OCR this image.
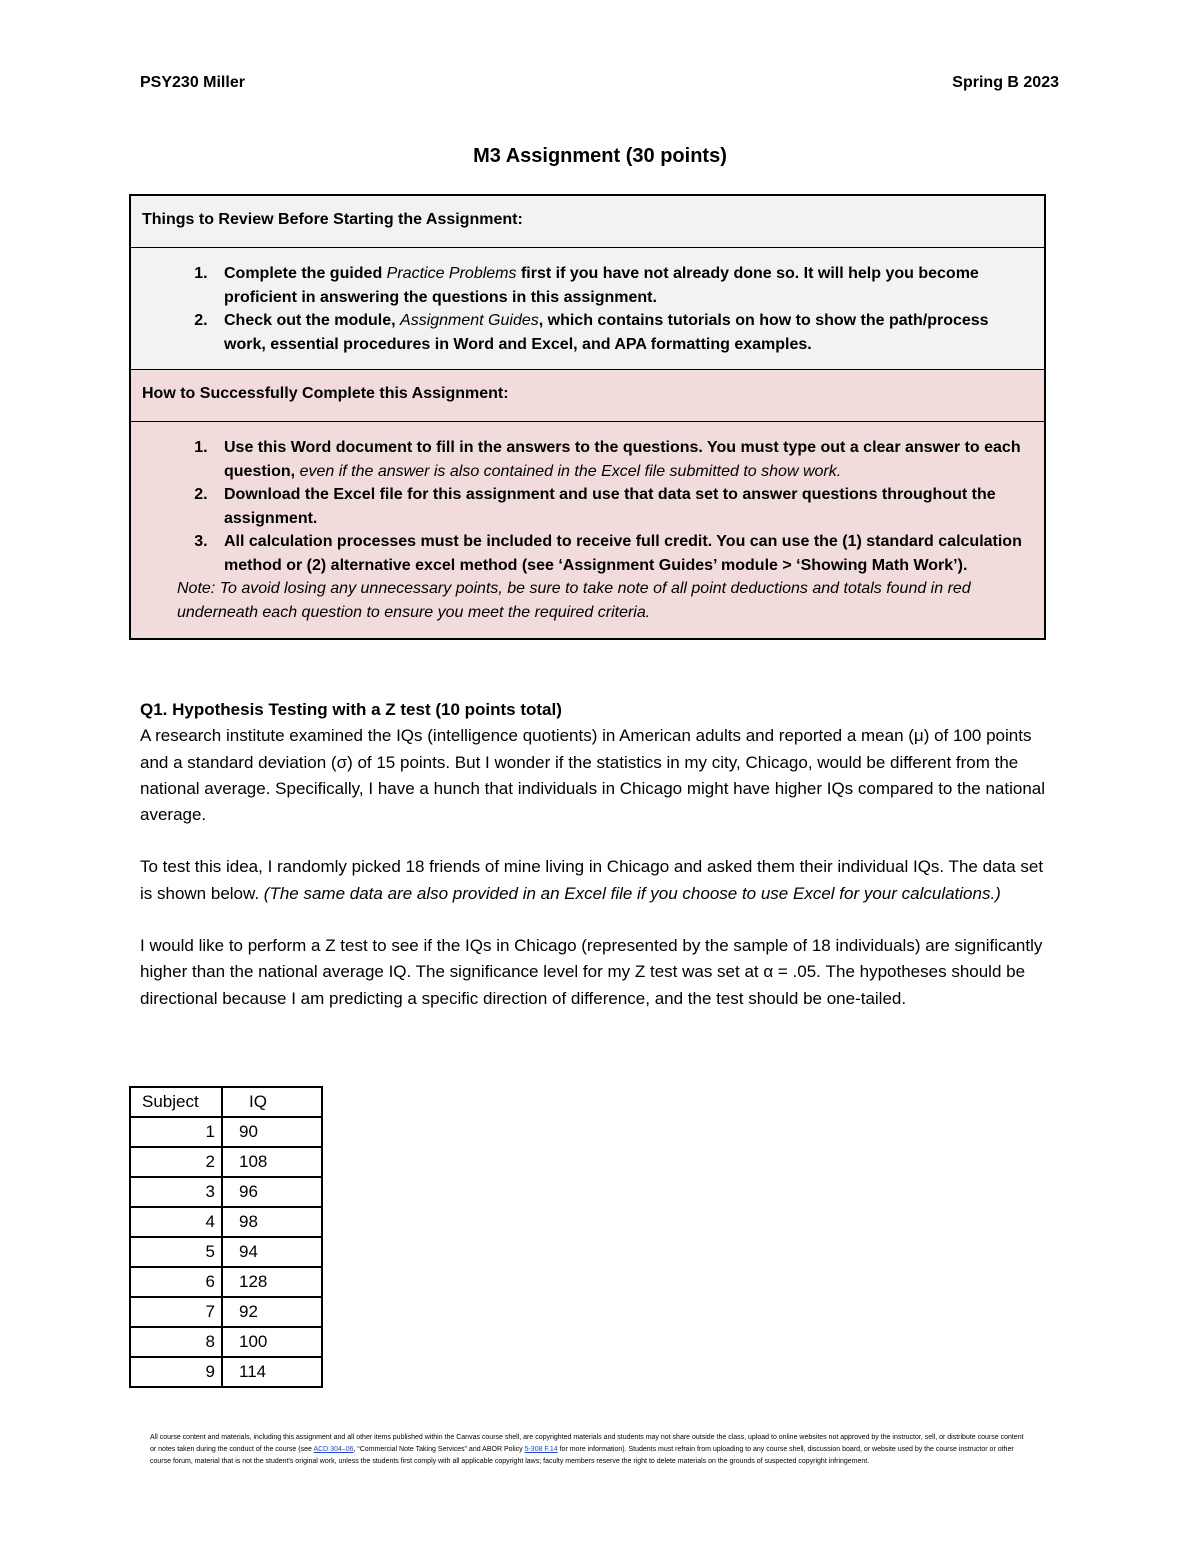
PSY230 Miller	Spring B 2023
M3 Assignment (30 points)
Things to Review Before Starting the Assignment:
1. Complete the guided Practice Problems first if you have not already done so. It will help you become proficient in answering the questions in this assignment.
2. Check out the module, Assignment Guides, which contains tutorials on how to show the path/process work, essential procedures in Word and Excel, and APA formatting examples.
How to Successfully Complete this Assignment:
1. Use this Word document to fill in the answers to the questions. You must type out a clear answer to each question, even if the answer is also contained in the Excel file submitted to show work.
2. Download the Excel file for this assignment and use that data set to answer questions throughout the assignment.
3. All calculation processes must be included to receive full credit. You can use the (1) standard calculation method or (2) alternative excel method (see ‘Assignment Guides’ module > ‘Showing Math Work’).
Note: To avoid losing any unnecessary points, be sure to take note of all point deductions and totals found in red underneath each question to ensure you meet the required criteria.
Q1. Hypothesis Testing with a Z test (10 points total)

A research institute examined the IQs (intelligence quotients) in American adults and reported a mean (μ) of 100 points and a standard deviation (σ) of 15 points. But I wonder if the statistics in my city, Chicago, would be different from the national average. Specifically, I have a hunch that individuals in Chicago might have higher IQs compared to the national average.

To test this idea, I randomly picked 18 friends of mine living in Chicago and asked them their individual IQs. The data set is shown below. (The same data are also provided in an Excel file if you choose to use Excel for your calculations.)

I would like to perform a Z test to see if the IQs in Chicago (represented by the sample of 18 individuals) are significantly higher than the national average IQ. The significance level for my Z test was set at α = .05. The hypotheses should be directional because I am predicting a specific direction of difference, and the test should be one-tailed.

Subject	IQ
1	90
2	108
3	96
4	98
5	94
6	128
7	92
8	100
9	114
All course content and materials, including this assignment and all other items published within the Canvas course shell, are copyrighted materials and students may not share outside the class, upload to online websites not approved by the instructor, sell, or distribute course content or notes taken during the conduct of the course (see ACD 304–06, “Commercial Note Taking Services” and ABOR Policy 5-308 F.14 for more information). Students must refrain from uploading to any course shell, discussion board, or website used by the course instructor or other course forum, material that is not the student's original work, unless the students first comply with all applicable copyright laws; faculty members reserve the right to delete materials on the grounds of suspected copyright infringement.
